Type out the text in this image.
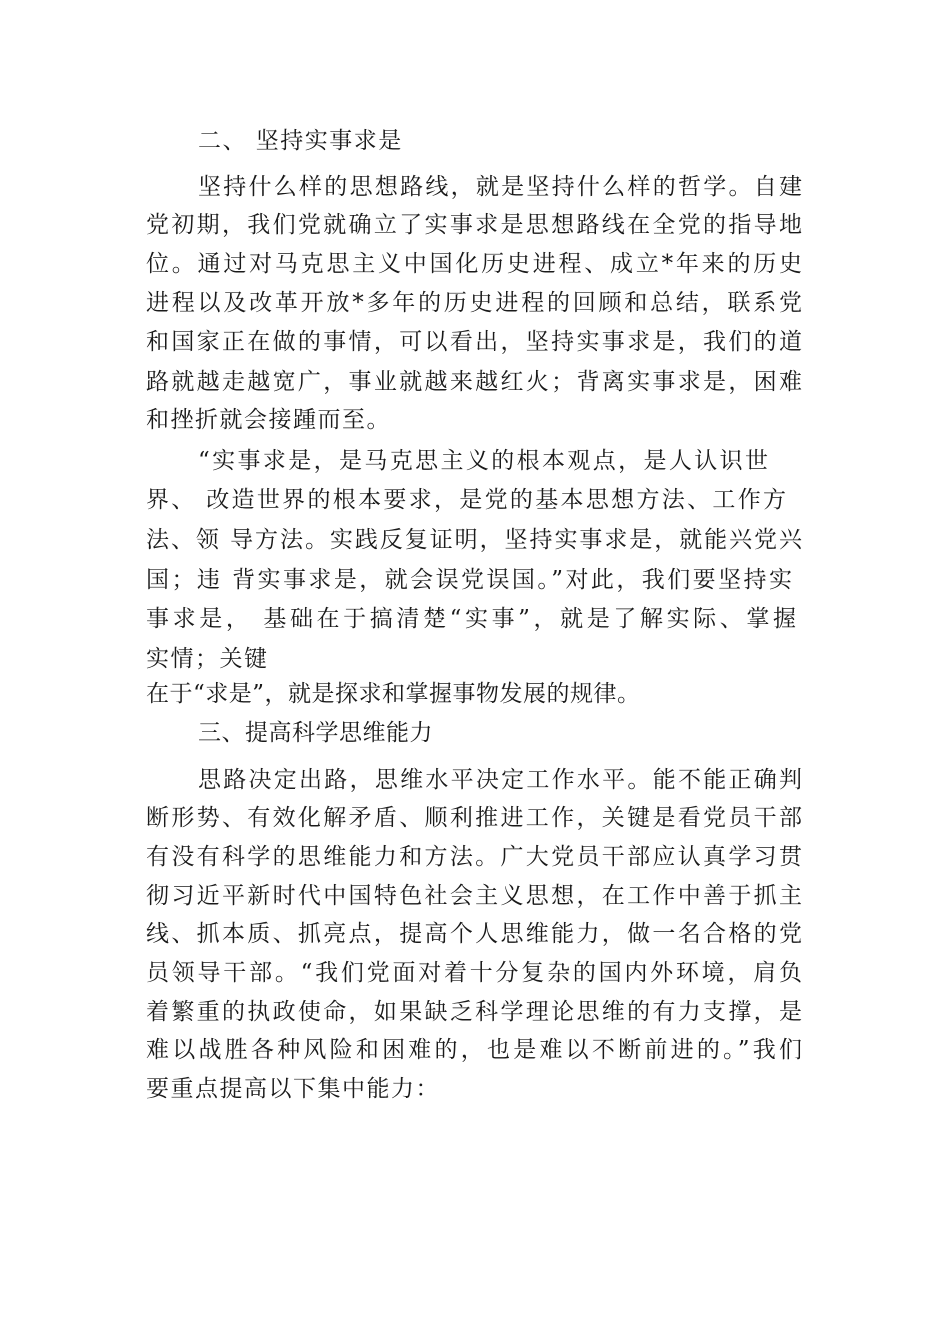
二、 坚持实事求是
坚持什么样的思想路线，就是坚持什么样的哲学。自建
党初期，我们党就确立了实事求是思想路线在全党的指导地
位。通过对马克思主义中国化历史进程、成立*年来的历史
进程以及改革开放*多年的历史进程的回顾和总结，联系党
和国家正在做的事情，可以看出，坚持实事求是，我们的道
路就越走越宽广，事业就越来越红火；背离实事求是，困难
和挫折就会接踵而至。
“实事求是，是马克思主义的根本观点，是人认识世
界、 改造世界的根本要求，是党的基本思想方法、工作方
法、领 导方法。实践反复证明，坚持实事求是，就能兴党兴
国；违 背实事求是，就会误党误国。”对此，我们要坚持实
事求是， 基础在于搞清楚“实事”，就是了解实际、掌握
实情；关键
在于“求是”，就是探求和掌握事物发展的规律。
三、提高科学思维能力
思路决定出路，思维水平决定工作水平。能不能正确判
断形势、有效化解矛盾、顺利推进工作，关键是看党员干部
有没有科学的思维能力和方法。广大党员干部应认真学习贯
彻习近平新时代中国特色社会主义思想，在工作中善于抓主
线、抓本质、抓亮点，提高个人思维能力，做一名合格的党
员领导干部。“我们党面对着十分复杂的国内外环境，肩负
着繁重的执政使命，如果缺乏科学理论思维的有力支撑，是
难以战胜各种风险和困难的，也是难以不断前进的。”我们
要重点提高以下集中能力：
